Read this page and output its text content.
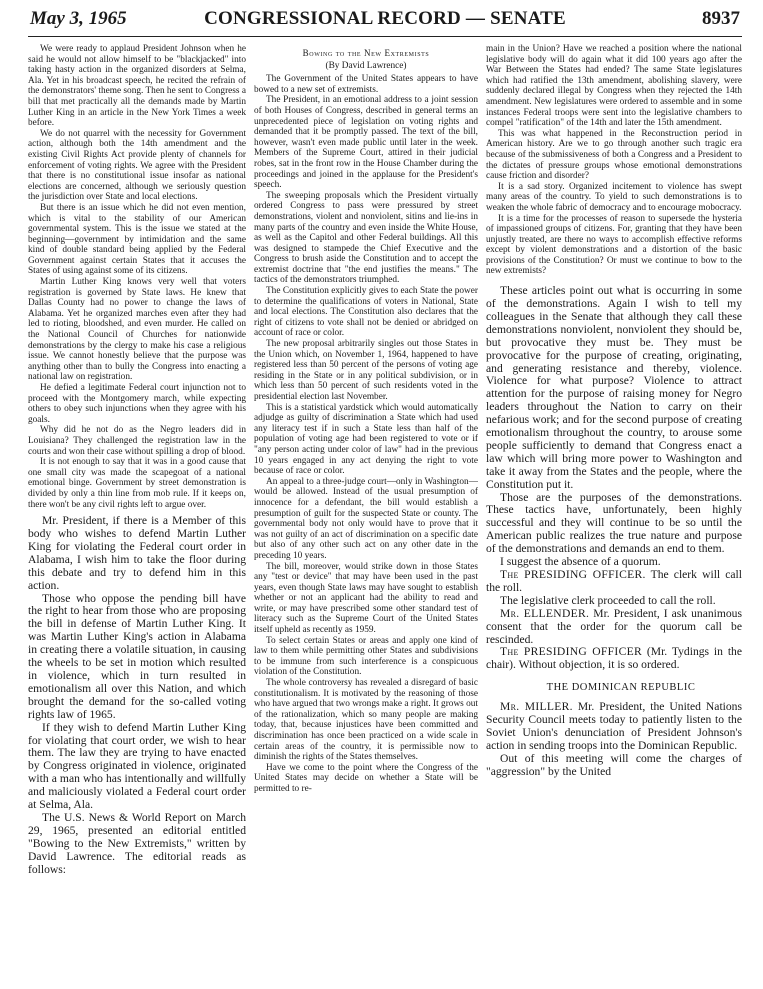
May 3, 1965	CONGRESSIONAL RECORD — SENATE	8937

We were ready to applaud President Johnson when he said he would not allow himself to be "blackjacked" into taking hasty action in the organized disorders at Selma, Ala. Yet in his broadcast speech, he recited the refrain of the demonstrators' theme song. Then he sent to Congress a bill that met practically all the demands made by Martin Luther King in an article in the New York Times a week before.

We do not quarrel with the necessity for Government action, although both the 14th amendment and the existing Civil Rights Act provide plenty of channels for enforcement of voting rights. We agree with the President that there is no constitutional issue insofar as national elections are concerned, although we seriously question the jurisdiction over State and local elections.

But there is an issue which he did not even mention, which is vital to the stability of our American governmental system. This is the issue we stated at the beginning—government by intimidation and the same kind of double standard being applied by the Federal Government against certain States that it accuses the States of using against some of its citizens.

Martin Luther King knows very well that voters registration is governed by State laws. He knew that Dallas County had no power to change the laws of Alabama. Yet he organized marches even after they had led to rioting, bloodshed, and even murder. He called on the National Council of Churches for nationwide demonstrations by the clergy to make his case a religious issue. We cannot honestly believe that the purpose was anything other than to bully the Congress into enacting a national law on registration.

He defied a legitimate Federal court injunction not to proceed with the Montgomery march, while expecting others to obey such injunctions when they agree with his goals.

Why did he not do as the Negro leaders did in Louisiana? They challenged the registration law in the courts and won their case without spilling a drop of blood.

It is not enough to say that it was in a good cause that one small city was made the scapegoat of a national emotional binge. Government by street demonstration is divided by only a thin line from mob rule. If it keeps on, there won't be any civil rights left to argue over.

Mr. President, if there is a Member of this body who wishes to defend Martin Luther King for violating the Federal court order in Alabama, I wish him to take the floor during this debate and try to defend him in this action.

Those who oppose the pending bill have the right to hear from those who are proposing the bill in defense of Martin Luther King. It was Martin Luther King's action in Alabama in creating there a volatile situation, in causing the wheels to be set in motion which resulted in violence, which in turn resulted in emotionalism all over this Nation, and which brought the demand for the so-called voting rights law of 1965.

If they wish to defend Martin Luther King for violating that court order, we wish to hear them. The law they are trying to have enacted by Congress originated in violence, originated with a man who has intentionally and willfully and maliciously violated a Federal court order at Selma, Ala.

The U.S. News & World Report on March 29, 1965, presented an editorial entitled "Bowing to the New Extremists," written by David Lawrence. The editorial reads as follows:

Bowing to the New Extremists

(By David Lawrence)

The Government of the United States appears to have bowed to a new set of extremists.

The President, in an emotional address to a joint session of both Houses of Congress, described in general terms an unprecedented piece of legislation on voting rights and demanded that it be promptly passed. The text of the bill, however, wasn't even made public until later in the week. Members of the Supreme Court, attired in their judicial robes, sat in the front row in the House Chamber during the proceedings and joined in the applause for the President's speech.

The sweeping proposals which the President virtually ordered Congress to pass were pressured by street demonstrations, violent and nonviolent, sitins and lie-ins in many parts of the country and even inside the White House, as well as the Capitol and other Federal buildings. All this was designed to stampede the Chief Executive and the Congress to brush aside the Constitution and to accept the extremist doctrine that "the end justifies the means." The tactics of the demonstrators triumphed.

The Constitution explicitly gives to each State the power to determine the qualifications of voters in National, State and local elections. The Constitution also declares that the right of citizens to vote shall not be denied or abridged on account of race or color.

The new proposal arbitrarily singles out those States in the Union which, on November 1, 1964, happened to have registered less than 50 percent of the persons of voting age residing in the State or in any political subdivision, or in which less than 50 percent of such residents voted in the presidential election last November.

This is a statistical yardstick which would automatically adjudge as guilty of discrimination a State which had used any literacy test if in such a State less than half of the population of voting age had been registered to vote or if "any person acting under color of law" had in the previous 10 years engaged in any act denying the right to vote because of race or color.

An appeal to a three-judge court—only in Washington—would be allowed. Instead of the usual presumption of innocence for a defendant, the bill would establish a presumption of guilt for the suspected State or county. The governmental body not only would have to prove that it was not guilty of an act of discrimination on a specific date but also of any other such act on any other date in the preceding 10 years.

The bill, moreover, would strike down in those States any "test or device" that may have been used in the past years, even though State laws may have sought to establish whether or not an applicant had the ability to read and write, or may have prescribed some other standard test of literacy such as the Supreme Court of the United States itself upheld as recently as 1959.

To select certain States or areas and apply one kind of law to them while permitting other States and subdivisions to be immune from such interference is a conspicuous violation of the Constitution.

The whole controversy has revealed a disregard of basic constitutionalism. It is motivated by the reasoning of those who have argued that two wrongs make a right. It grows out of the rationalization, which so many people are making today, that, because injustices have been committed and discrimination has once been practiced on a wide scale in certain areas of the country, it is permissible now to diminish the rights of the States themselves.

Have we come to the point where the Congress of the United States may decide on whether a State will be permitted to re-

main in the Union? Have we reached a position where the national legislative body will do again what it did 100 years ago after the War Between the States had ended? The same State legislatures which had ratified the 13th amendment, abolishing slavery, were suddenly declared illegal by Congress when they rejected the 14th amendment. New legislatures were ordered to assemble and in some instances Federal troops were sent into the legislative chambers to compel "ratification" of the 14th and later the 15th amendment.

This was what happened in the Reconstruction period in American history. Are we to go through another such tragic era because of the submissiveness of both a Congress and a President to the dictates of pressure groups whose emotional demonstrations cause friction and disorder?

It is a sad story. Organized incitement to violence has swept many areas of the country. To yield to such demonstrations is to weaken the whole fabric of democracy and to encourage mobocracy.

It is a time for the processes of reason to supersede the hysteria of impassioned groups of citizens. For, granting that they have been unjustly treated, are there no ways to accomplish effective reforms except by violent demonstrations and a distortion of the basic provisions of the Constitution? Or must we continue to bow to the new extremists?

These articles point out what is occurring in some of the demonstrations. Again I wish to tell my colleagues in the Senate that although they call these demonstrations nonviolent, nonviolent they should be, but provocative they must be. They must be provocative for the purpose of creating, originating, and generating resistance and thereby, violence. Violence for what purpose? Violence to attract attention for the purpose of raising money for Negro leaders throughout the Nation to carry on their nefarious work; and for the second purpose of creating emotionalism throughout the country, to arouse some people sufficiently to demand that Congress enact a law which will bring more power to Washington and take it away from the States and the people, where the Constitution put it.

Those are the purposes of the demonstrations. These tactics have, unfortunately, been highly successful and they will continue to be so until the American public realizes the true nature and purpose of the demonstrations and demands an end to them.

I suggest the absence of a quorum.

The PRESIDING OFFICER. The clerk will call the roll.

The legislative clerk proceeded to call the roll.

Mr. ELLENDER. Mr. President, I ask unanimous consent that the order for the quorum call be rescinded.

The PRESIDING OFFICER (Mr. Tydings in the chair). Without objection, it is so ordered.

THE DOMINICAN REPUBLIC

Mr. MILLER. Mr. President, the United Nations Security Council meets today to patiently listen to the Soviet Union's denunciation of President Johnson's action in sending troops into the Dominican Republic.

Out of this meeting will come the charges of "aggression" by the United
